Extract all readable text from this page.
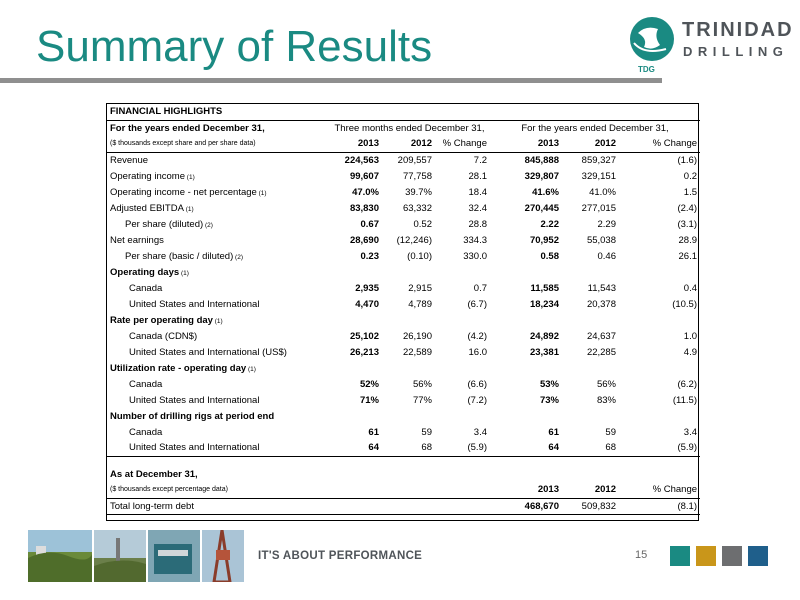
Summary of Results	TRINIDAD
DRILLING
TDG
FINANCIAL HIGHLIGHTS						
For the years ended December 31,	Three months ended December 31,			For the years ended December 31,		
($ thousands except share and per share data)	2013	2012	% Change	2013	2012	% Change
Revenue	224,563	209,557	7.2	845,888	859,327	(1.6)
Operating income (1)	99,607	77,758	28.1	329,807	329,151	0.2
Operating income - net percentage (1)	47.0%	39.7%	18.4	41.6%	41.0%	1.5
Adjusted EBITDA (1)	83,830	63,332	32.4	270,445	277,015	(2.4)
Per share (diluted) (2)	0.67	0.52	28.8	2.22	2.29	(3.1)
Net earnings	28,690	(12,246)	334.3	70,952	55,038	28.9
Per share (basic / diluted) (2)	0.23	(0.10)	330.0	0.58	0.46	26.1
Operating days (1)						
Canada	2,935	2,915	0.7	11,585	11,543	0.4
United States and International	4,470	4,789	(6.7)	18,234	20,378	(10.5)
Rate per operating day (1)						
Canada (CDN$)	25,102	26,190	(4.2)	24,892	24,637	1.0
United States and International (US$)	26,213	22,589	16.0	23,381	22,285	4.9
Utilization rate - operating day (1)						
Canada	52%	56%	(6.6)	53%	56%	(6.2)
United States and International	71%	77%	(7.2)	73%	83%	(11.5)
Number of drilling rigs at period end						
Canada	61	59	3.4	61	59	3.4
United States and International	64	68	(5.9)	64	68	(5.9)

As at December 31,						
($ thousands except percentage data)				2013	2012	% Change
Total long-term debt				468,670	509,832	(8.1)
IT'S ABOUT PERFORMANCE	15
